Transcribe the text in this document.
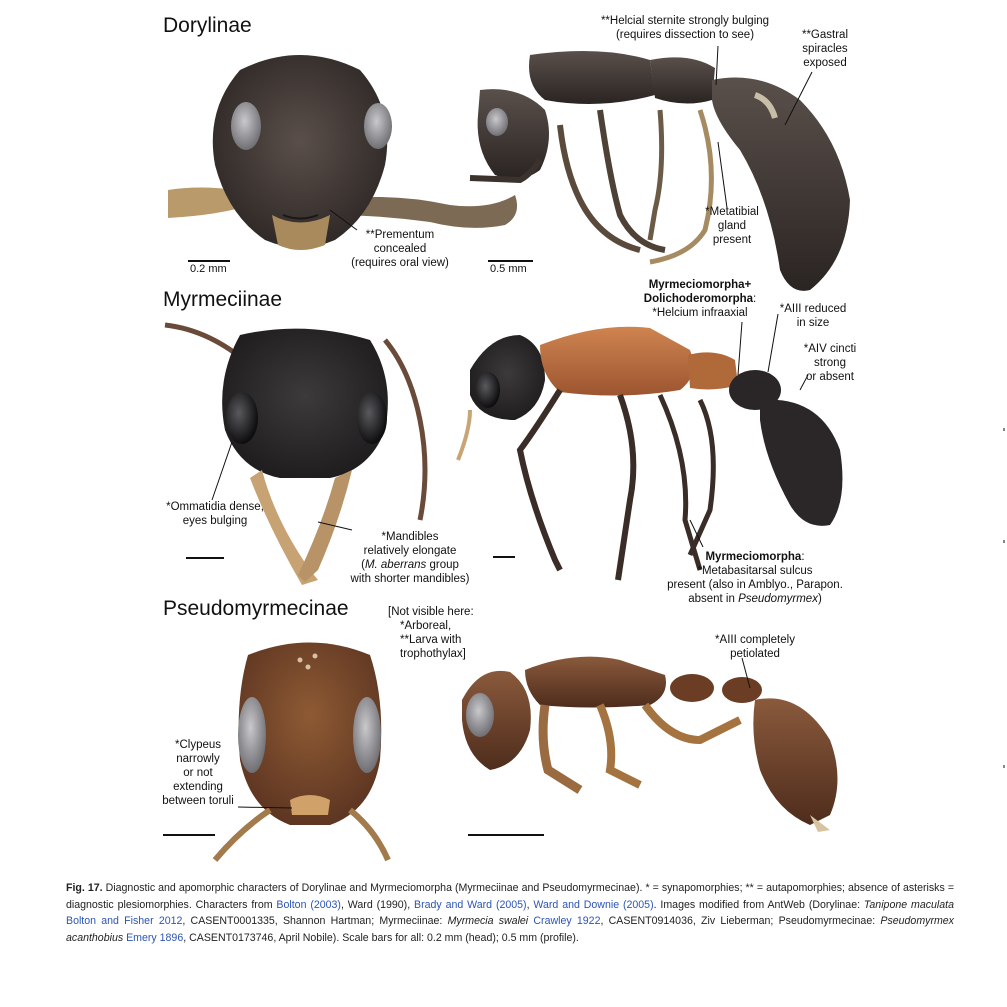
Dorylinae
Myrmeciinae
Pseudomyrmecinae
**Helcial sternite strongly bulging
(requires dissection to see)	**Gastral
spiracles
exposed
**Prementum
concealed
(requires oral view)
*Metatibial
gland
present
0.2 mm	0.5 mm
Myrmeciomorpha+
Dolichoderomorpha:
*Helcium infraaxial	*AIII reduced
in size
*AIV cincti
strong
or absent
*Ommatidia dense,
eyes bulging
*Mandibles
relatively elongate
(M. aberrans group
with shorter mandibles)
Myrmeciomorpha:
*Metabasitarsal sulcus
present (also in Amblyo., Parapon.
absent in Pseudomyrmex)
[Not visible here:
*Arboreal,
**Larva with
trophothylax]
*AIII completely
petiolated
*Clypeus
narrowly
or not
extending
between toruli
Fig. 17. Diagnostic and apomorphic characters of Dorylinae and Myrmeciomorpha (Myrmeciinae and Pseudomyrmecinae). * = synapomorphies; ** = autapomorphies; absence of asterisks = diagnostic plesiomorphies. Characters from Bolton (2003), Ward (1990), Brady and Ward (2005), Ward and Downie (2005). Images modified from AntWeb (Dorylinae: Tanipone maculata Bolton and Fisher 2012, CASENT0001335, Shannon Hartman; Myrmeciinae: Myrmecia swalei Crawley 1922, CASENT0914036, Ziv Lieberman; Pseudomyrmecinae: Pseudomyrmex acanthobius Emery 1896, CASENT0173746, April Nobile). Scale bars for all: 0.2 mm (head); 0.5 mm (profile).
